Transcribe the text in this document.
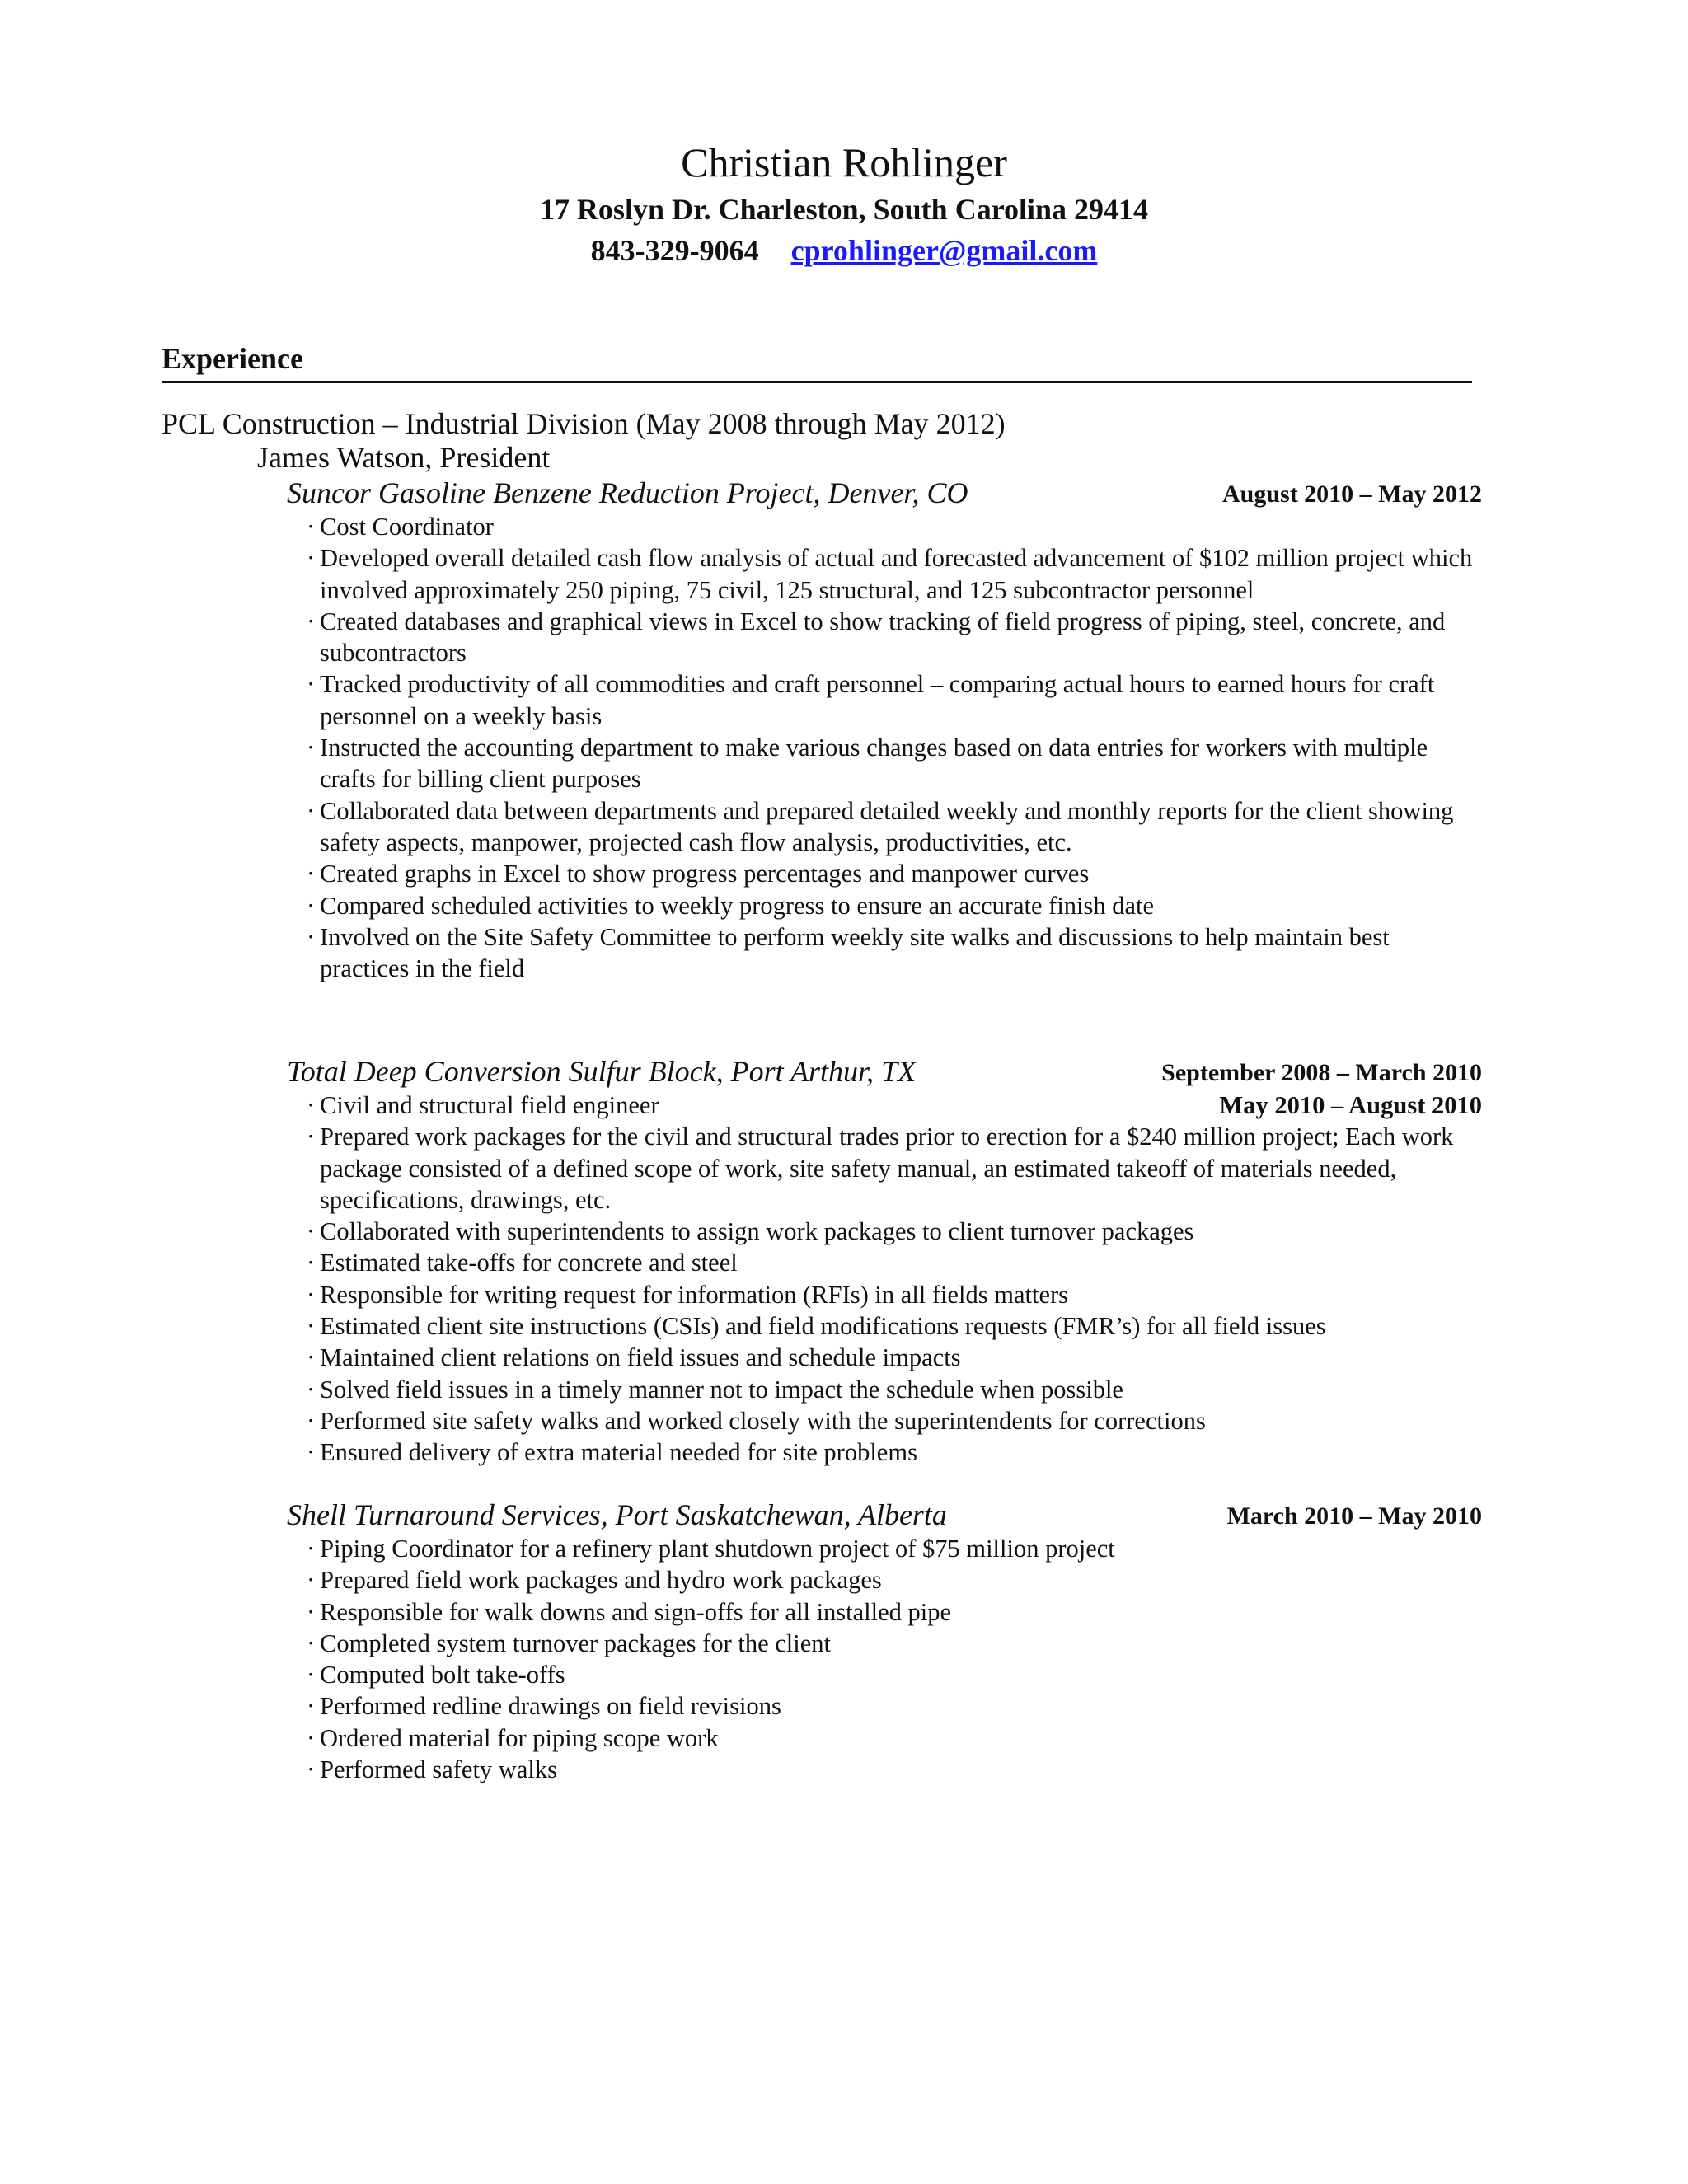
Christian Rohlinger
17 Roslyn Dr. Charleston, South Carolina 29414
843-329-9064 cprohlinger@gmail.com
Experience
PCL Construction – Industrial Division (May 2008 through May 2012)
James Watson, President
Suncor Gasoline Benzene Reduction Project, Denver, CO	August 2010 – May 2012
· Cost Coordinator
· Developed overall detailed cash flow analysis of actual and forecasted advancement of $102 million project which involved approximately 250 piping, 75 civil, 125 structural, and 125 subcontractor personnel
· Created databases and graphical views in Excel to show tracking of field progress of piping, steel, concrete, and subcontractors
· Tracked productivity of all commodities and craft personnel – comparing actual hours to earned hours for craft personnel on a weekly basis
· Instructed the accounting department to make various changes based on data entries for workers with multiple crafts for billing client purposes
· Collaborated data between departments and prepared detailed weekly and monthly reports for the client showing safety aspects, manpower, projected cash flow analysis, productivities, etc.
· Created graphs in Excel to show progress percentages and manpower curves
· Compared scheduled activities to weekly progress to ensure an accurate finish date
· Involved on the Site Safety Committee to perform weekly site walks and discussions to help maintain best practices in the field
Total Deep Conversion Sulfur Block, Port Arthur, TX	September 2008 – March 2010
· Civil and structural field engineer	May 2010 – August 2010
· Prepared work packages for the civil and structural trades prior to erection for a $240 million project; Each work package consisted of a defined scope of work, site safety manual, an estimated takeoff of materials needed, specifications, drawings, etc.
· Collaborated with superintendents to assign work packages to client turnover packages
· Estimated take-offs for concrete and steel
· Responsible for writing request for information (RFIs) in all fields matters
· Estimated client site instructions (CSIs) and field modifications requests (FMR’s) for all field issues
· Maintained client relations on field issues and schedule impacts
· Solved field issues in a timely manner not to impact the schedule when possible
· Performed site safety walks and worked closely with the superintendents for corrections
· Ensured delivery of extra material needed for site problems
Shell Turnaround Services, Port Saskatchewan, Alberta	March 2010 – May 2010
· Piping Coordinator for a refinery plant shutdown project of $75 million project
· Prepared field work packages and hydro work packages
· Responsible for walk downs and sign-offs for all installed pipe
· Completed system turnover packages for the client
· Computed bolt take-offs
· Performed redline drawings on field revisions
· Ordered material for piping scope work
· Performed safety walks
